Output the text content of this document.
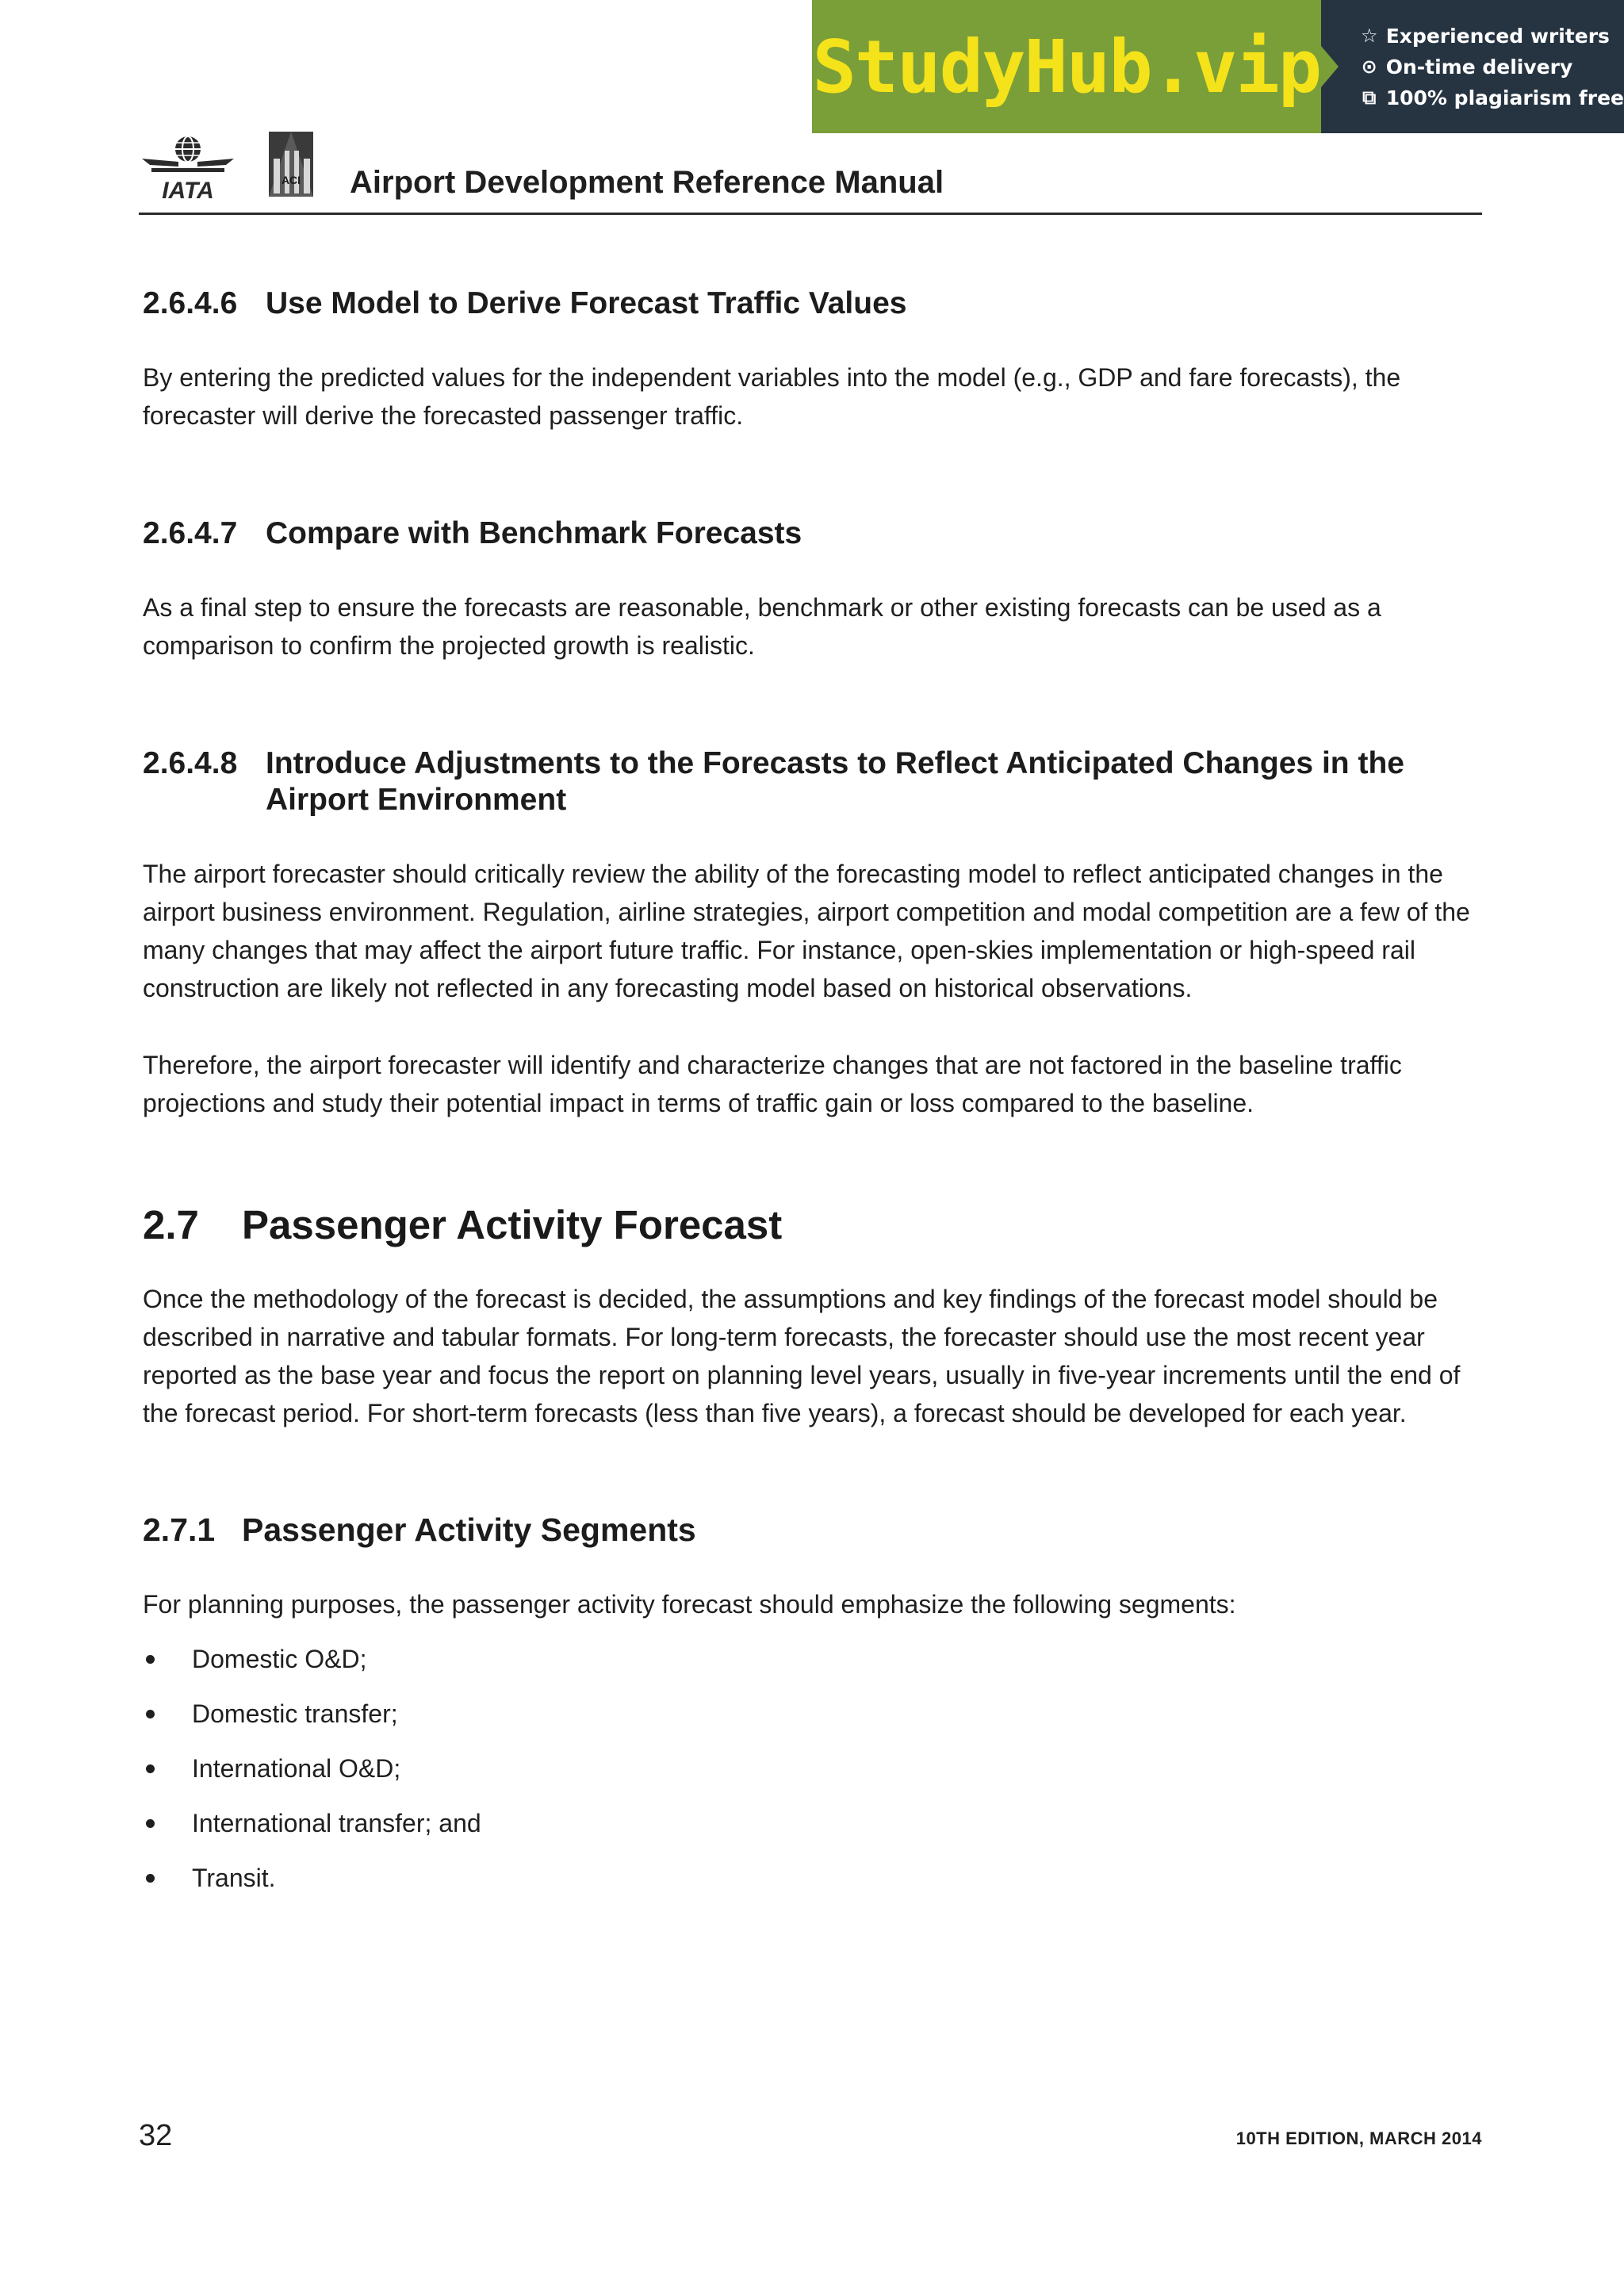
StudyHub.vip ☆ Experienced writers
⊙ On-time delivery
⧉ 100% plagiarism free
IATA	ACI Airport Development Reference Manual
2.6.4.6 Use Model to Derive Forecast Traffic Values

By entering the predicted values for the independent variables into the model (e.g., GDP and fare forecasts), the forecaster will derive the forecasted passenger traffic.

2.6.4.7 Compare with Benchmark Forecasts

As a final step to ensure the forecasts are reasonable, benchmark or other existing forecasts can be used as a comparison to confirm the projected growth is realistic.

2.6.4.8 Introduce Adjustments to the Forecasts to Reflect Anticipated Changes in the Airport Environment

The airport forecaster should critically review the ability of the forecasting model to reflect anticipated changes in the airport business environment. Regulation, airline strategies, airport competition and modal competition are a few of the many changes that may affect the airport future traffic. For instance, open-skies implementation or high-speed rail construction are likely not reflected in any forecasting model based on historical observations.

Therefore, the airport forecaster will identify and characterize changes that are not factored in the baseline traffic projections and study their potential impact in terms of traffic gain or loss compared to the baseline.

2.7	Passenger Activity Forecast

Once the methodology of the forecast is decided, the assumptions and key findings of the forecast model should be described in narrative and tabular formats. For long-term forecasts, the forecaster should use the most recent year reported as the base year and focus the report on planning level years, usually in five-year increments until the end of the forecast period. For short-term forecasts (less than five years), a forecast should be developed for each year.

2.7.1 Passenger Activity Segments

For planning purposes, the passenger activity forecast should emphasize the following segments:

Domestic O&D;
Domestic transfer;
International O&D;
International transfer; and
Transit.
32	10TH EDITION, MARCH 2014
